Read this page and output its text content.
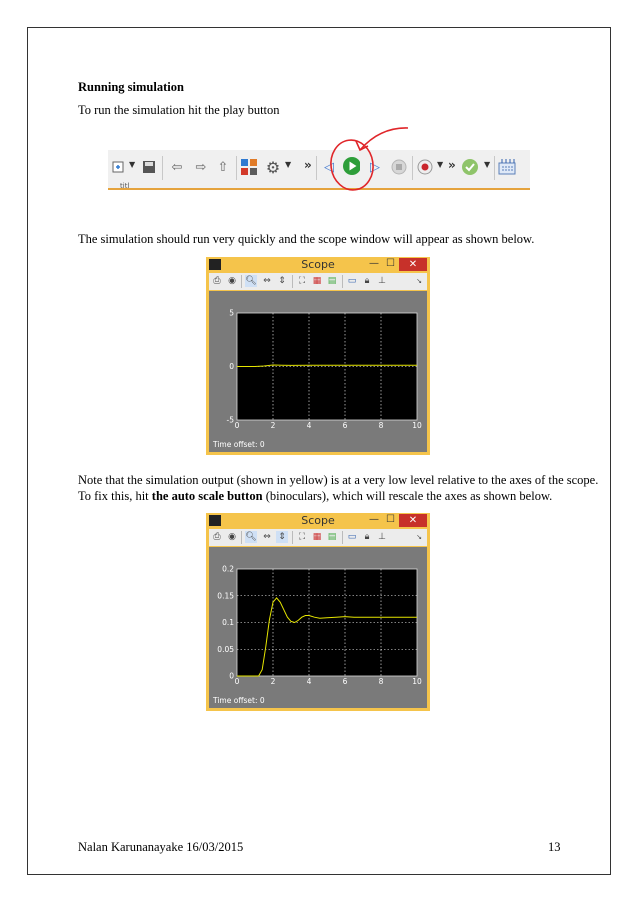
Running simulation
To run the simulation hit the play button
▼	⇦ ⇨ ⇧ ⚙ ▼ » ◁	▷	▼ »	▼
titl
The simulation should run very quickly and the scope window will appear as shown below.
Scope	— ☐	✕
⎙ ◉ 🔍︎ ⇔ ⇕	⛶ ▦ ▤ ▭ 🔒︎ ⊥	↘
0	2	4	6	8	10
-5
0
5
Time offset: 0
Note that the simulation output (shown in yellow) is at a very low level relative to the axes of the scope.
To fix this, hit the auto scale button (binoculars), which will rescale the axes as shown below.
Scope	— ☐	✕
⎙ ◉ 🔍︎ ⇔ ⇕	⛶ ▦ ▤ ▭ 🔒︎ ⊥	↘
0	2	4	6	8	10
0
0.05
0.1
0.15
0.2
Time offset: 0
Nalan Karunanayake 16/03/2015	13
